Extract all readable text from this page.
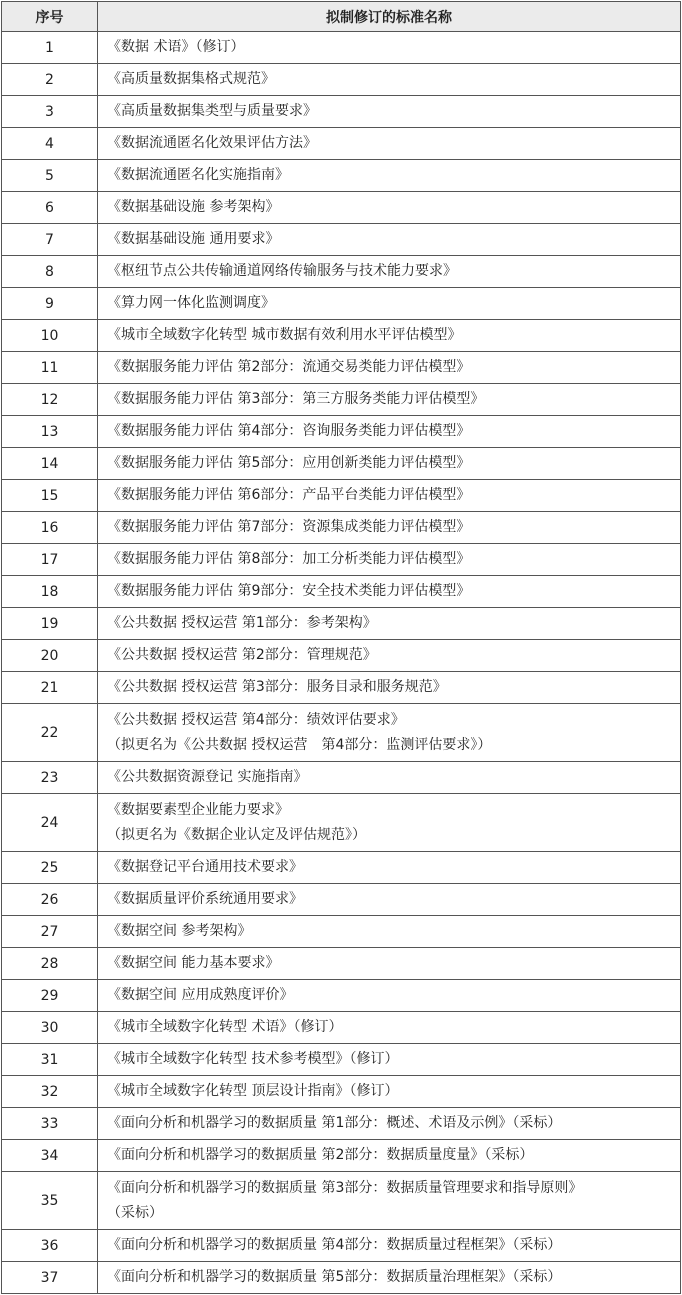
序号	拟制修订的标准名称
1	《数据 术语》（修订）

2	《高质量数据集格式规范》

3	《高质量数据集类型与质量要求》

4	《数据流通匿名化效果评估方法》

5	《数据流通匿名化实施指南》

6	《数据基础设施 参考架构》

7	《数据基础设施 通用要求》

8	《枢纽节点公共传输通道网络传输服务与技术能力要求》

9	《算力网一体化监测调度》

10	《城市全域数字化转型 城市数据有效利用水平评估模型》

11	《数据服务能力评估 第2部分：流通交易类能力评估模型》

12	《数据服务能力评估 第3部分：第三方服务类能力评估模型》

13	《数据服务能力评估 第4部分：咨询服务类能力评估模型》

14	《数据服务能力评估 第5部分：应用创新类能力评估模型》

15	《数据服务能力评估 第6部分：产品平台类能力评估模型》

16	《数据服务能力评估 第7部分：资源集成类能力评估模型》

17	《数据服务能力评估 第8部分：加工分析类能力评估模型》

18	《数据服务能力评估 第9部分：安全技术类能力评估模型》

19	《公共数据 授权运营 第1部分：参考架构》

20	《公共数据 授权运营 第2部分：管理规范》

21	《公共数据 授权运营 第3部分：服务目录和服务规范》

22	《公共数据 授权运营 第4部分：绩效评估要求》
（拟更名为《公共数据 授权运营　第4部分：监测评估要求》）

23	《公共数据资源登记 实施指南》

24	《数据要素型企业能力要求》
（拟更名为《数据企业认定及评估规范》）

25	《数据登记平台通用技术要求》

26	《数据质量评价系统通用要求》

27	《数据空间 参考架构》

28	《数据空间 能力基本要求》

29	《数据空间 应用成熟度评价》

30	《城市全域数字化转型 术语》（修订）

31	《城市全域数字化转型 技术参考模型》（修订）

32	《城市全域数字化转型 顶层设计指南》（修订）

33	《面向分析和机器学习的数据质量 第1部分：概述、术语及示例》（采标）

34	《面向分析和机器学习的数据质量 第2部分：数据质量度量》（采标）

35	《面向分析和机器学习的数据质量 第3部分：数据质量管理要求和指导原则》
（采标）

36	《面向分析和机器学习的数据质量 第4部分：数据质量过程框架》（采标）

37	《面向分析和机器学习的数据质量 第5部分：数据质量治理框架》（采标）
